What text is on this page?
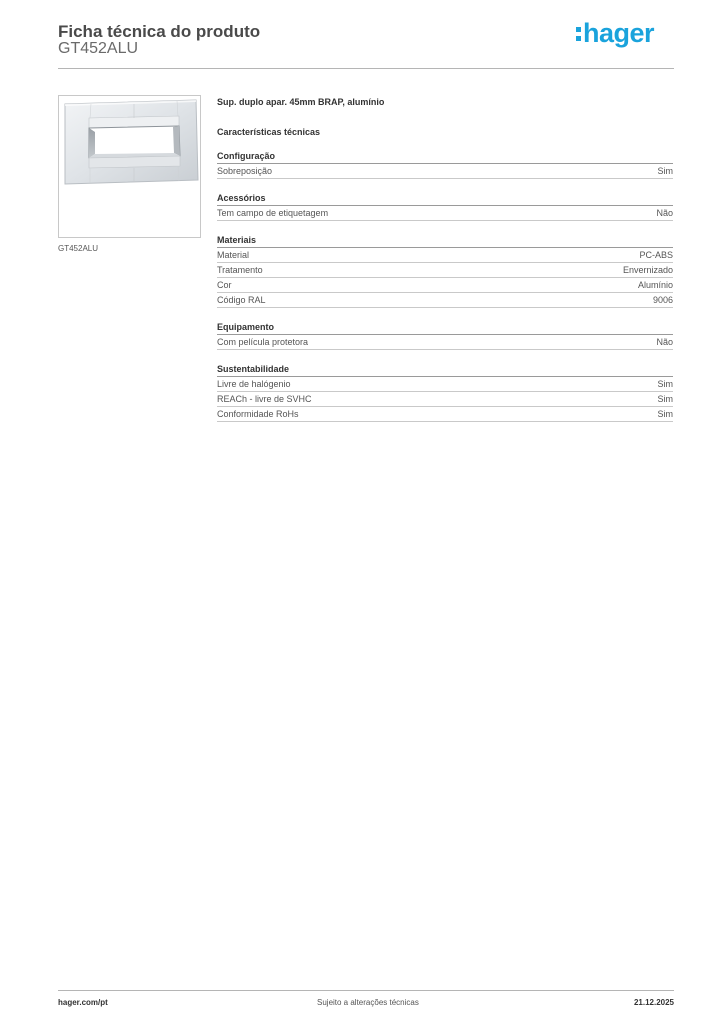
Ficha técnica do produto
GT452ALU
hager
GT452ALU
Sup. duplo apar. 45mm BRAP, alumínio
Características técnicas
Configuração
Sobreposição	Sim
Acessórios
Tem campo de etiquetagem	Não
Materiais
Material	PC-ABS
Tratamento	Envernizado
Cor	Alumínio
Código RAL	9006
Equipamento
Com película protetora	Não
Sustentabilidade
Livre de halógenio	Sim
REACh - livre de SVHC	Sim
Conformidade RoHs	Sim
hager.com/pt	Sujeito a alterações técnicas	21.12.2025
